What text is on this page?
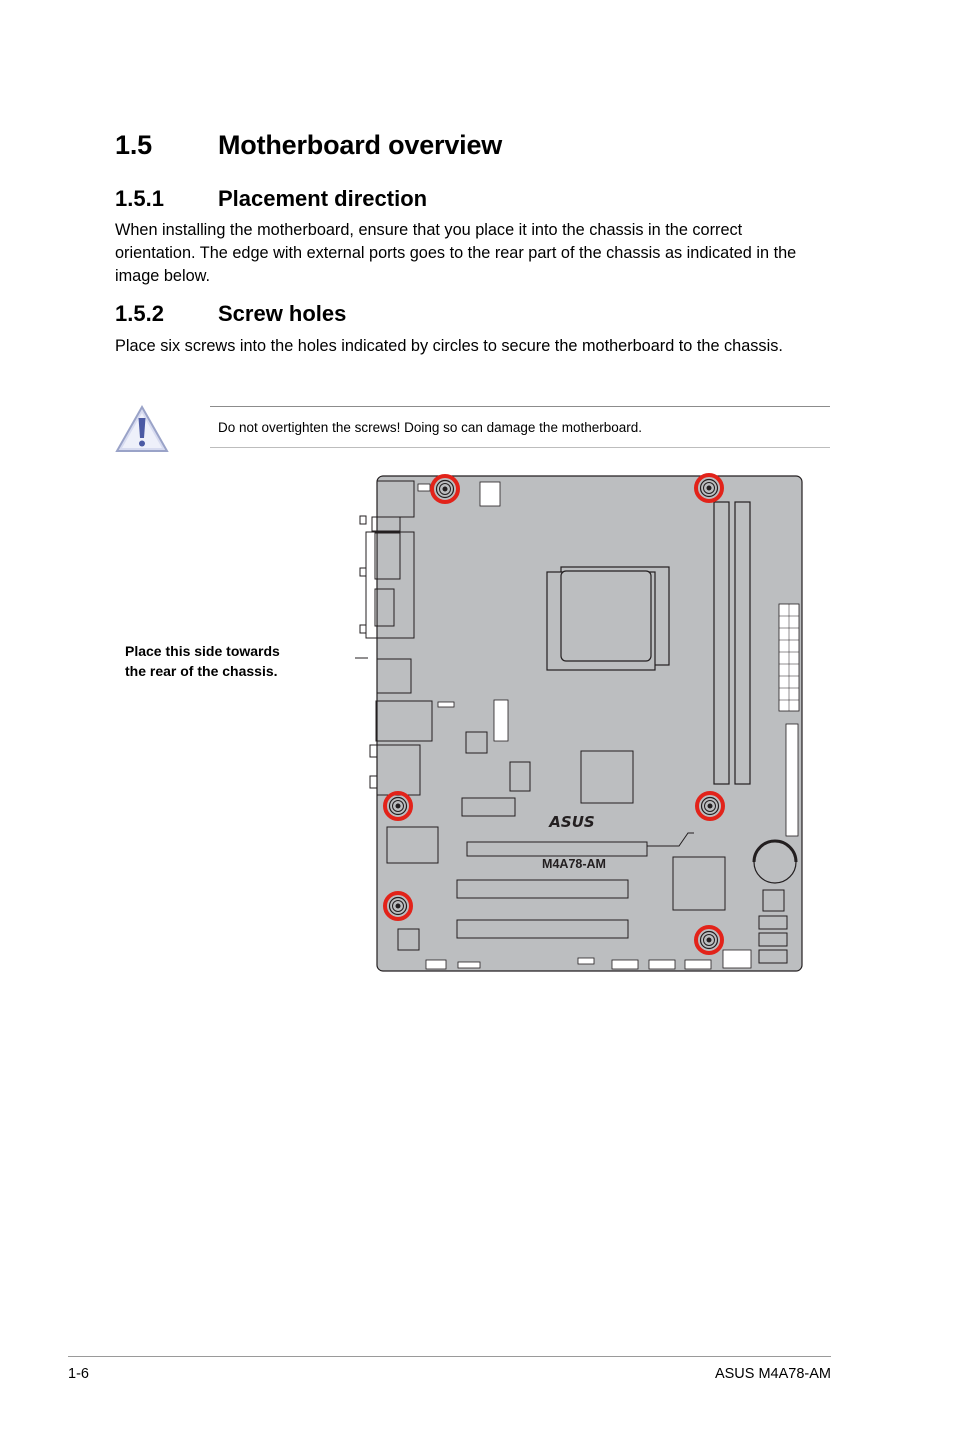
1.5 Motherboard overview
1.5.1 Placement direction

When installing the motherboard, ensure that you place it into the chassis in the correct orientation. The edge with external ports goes to the rear part of the chassis as indicated in the image below.

1.5.2 Screw holes

Place six screws into the holes indicated by circles to secure the motherboard to the chassis.

Do not overtighten the screws! Doing so can damage the motherboard.
ASUS
M4A78-AM
Place this side towards
the rear of the chassis.
1-6	ASUS M4A78-AM
